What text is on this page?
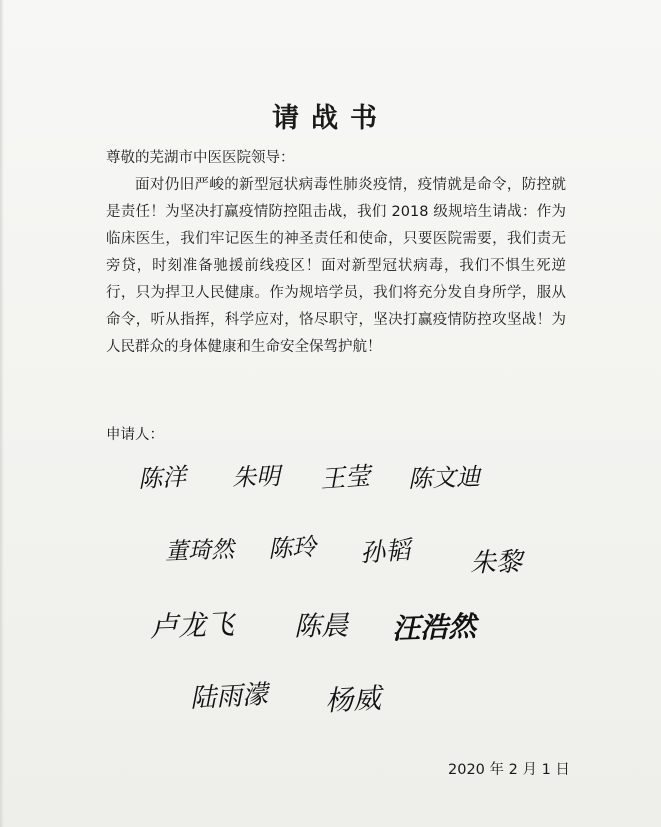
请战书
尊敬的芜湖市中医医院领导：

面对仍旧严峻的新型冠状病毒性肺炎疫情，疫情就是命令，防控就是责任！为坚决打赢疫情防控阻击战，我们 2018 级规培生请战：作为临床医生，我们牢记医生的神圣责任和使命，只要医院需要，我们责无旁贷，时刻准备驰援前线疫区！面对新型冠状病毒，我们不惧生死逆行，只为捍卫人民健康。作为规培学员，我们将充分发自身所学，服从命令，听从指挥，科学应对，恪尽职守，坚决打赢疫情防控攻坚战！为人民群众的身体健康和生命安全保驾护航！

申请人：
陈洋 朱明 王莹 陈文迪
董琦然 陈玲 孙韬 朱黎
卢龙飞 陈晨 汪浩然
陆雨濛 杨威
2020 年 2 月 1 日
